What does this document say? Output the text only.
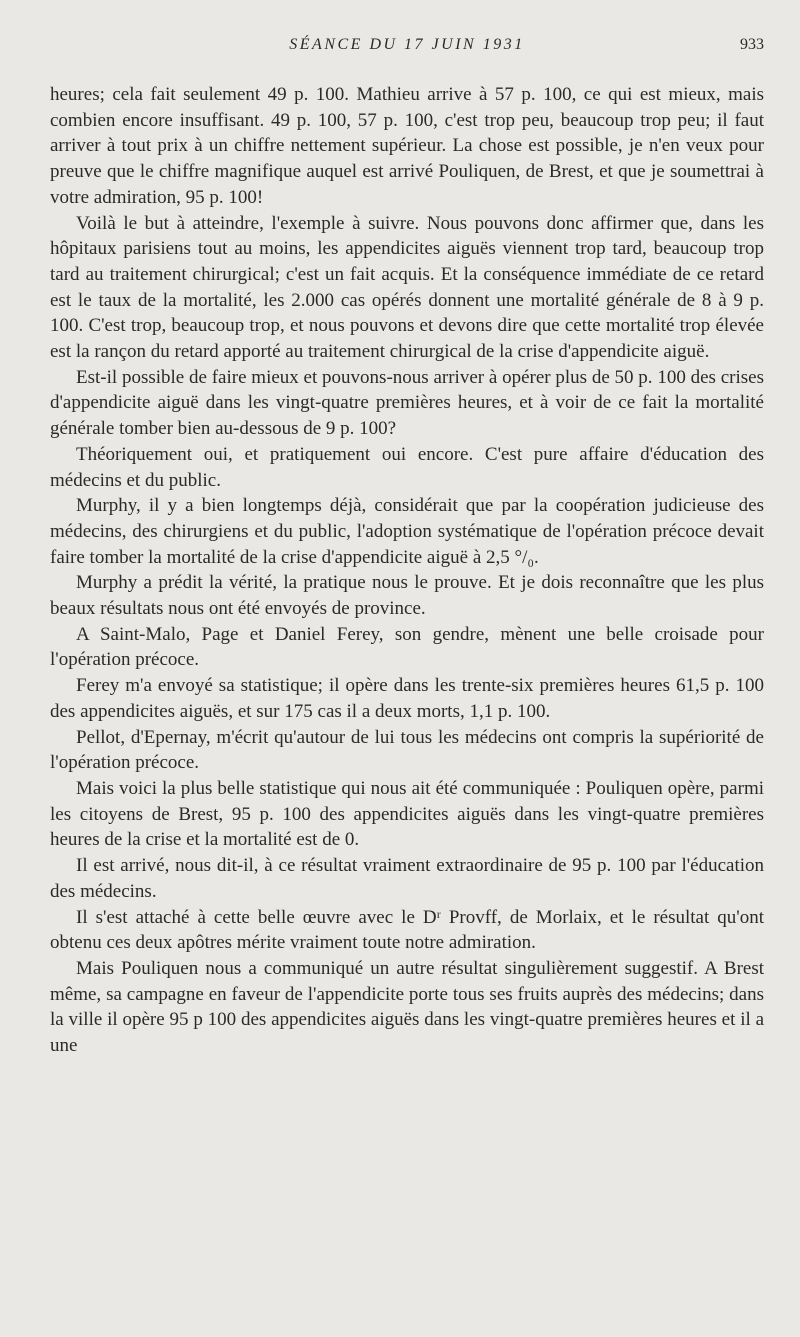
SÉANCE DU 17 JUIN 1931	933

heures; cela fait seulement 49 p. 100. Mathieu arrive à 57 p. 100, ce qui est mieux, mais combien encore insuffisant. 49 p. 100, 57 p. 100, c'est trop peu, beaucoup trop peu; il faut arriver à tout prix à un chiffre nettement supérieur. La chose est possible, je n'en veux pour preuve que le chiffre magnifique auquel est arrivé Pouliquen, de Brest, et que je soumettrai à votre admiration, 95 p. 100!

Voilà le but à atteindre, l'exemple à suivre. Nous pouvons donc affirmer que, dans les hôpitaux parisiens tout au moins, les appendicites aiguës viennent trop tard, beaucoup trop tard au traitement chirurgical; c'est un fait acquis. Et la conséquence immédiate de ce retard est le taux de la mortalité, les 2.000 cas opérés donnent une mortalité générale de 8 à 9 p. 100. C'est trop, beaucoup trop, et nous pouvons et devons dire que cette mortalité trop élevée est la rançon du retard apporté au traitement chirurgical de la crise d'appendicite aiguë.

Est-il possible de faire mieux et pouvons-nous arriver à opérer plus de 50 p. 100 des crises d'appendicite aiguë dans les vingt-quatre premières heures, et à voir de ce fait la mortalité générale tomber bien au-dessous de 9 p. 100?

Théoriquement oui, et pratiquement oui encore. C'est pure affaire d'éducation des médecins et du public.

Murphy, il y a bien longtemps déjà, considérait que par la coopération judicieuse des médecins, des chirurgiens et du public, l'adoption systématique de l'opération précoce devait faire tomber la mortalité de la crise d'appendicite aiguë à 2,5 °/₀.

Murphy a prédit la vérité, la pratique nous le prouve. Et je dois reconnaître que les plus beaux résultats nous ont été envoyés de province.

A Saint-Malo, Page et Daniel Ferey, son gendre, mènent une belle croisade pour l'opération précoce.

Ferey m'a envoyé sa statistique; il opère dans les trente-six premières heures 61,5 p. 100 des appendicites aiguës, et sur 175 cas il a deux morts, 1,1 p. 100.

Pellot, d'Epernay, m'écrit qu'autour de lui tous les médecins ont compris la supériorité de l'opération précoce.

Mais voici la plus belle statistique qui nous ait été communiquée : Pouliquen opère, parmi les citoyens de Brest, 95 p. 100 des appendicites aiguës dans les vingt-quatre premières heures de la crise et la mortalité est de 0.

Il est arrivé, nous dit-il, à ce résultat vraiment extraordinaire de 95 p. 100 par l'éducation des médecins.

Il s'est attaché à cette belle œuvre avec le Dʳ Provff, de Morlaix, et le résultat qu'ont obtenu ces deux apôtres mérite vraiment toute notre admiration.

Mais Pouliquen nous a communiqué un autre résultat singulièrement suggestif. A Brest même, sa campagne en faveur de l'appendicite porte tous ses fruits auprès des médecins; dans la ville il opère 95 p 100 des appendicites aiguës dans les vingt-quatre premières heures et il a une
